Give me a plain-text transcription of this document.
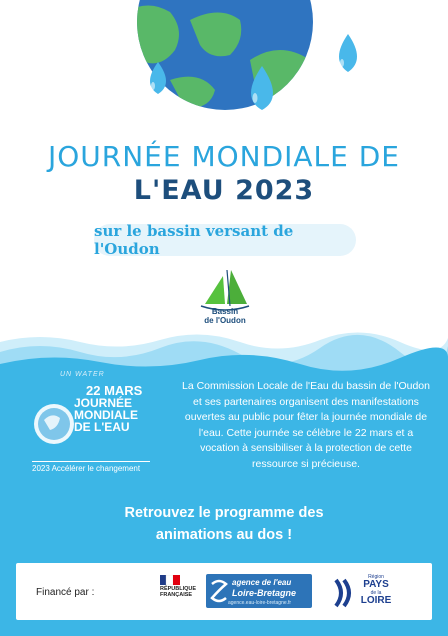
JOURNÉE MONDIALE DE
L'EAU 2023
sur le bassin versant de l'Oudon
Bassin
de l'Oudon
UN WATER
22 MARS
JOURNÉE
MONDIALE
DE L'EAU
2023 Accélérer le changement
La Commission Locale de l'Eau du bassin de l'Oudon et ses partenaires organisent des manifestations ouvertes au public pour fêter la journée mondiale de l'eau. Cette journée se célèbre le 22 mars et a vocation à sensibiliser à la protection de cette ressource si précieuse.
Retrouvez le programme des
animations au dos !
Financé par :	RÉPUBLIQUE
FRANÇAISE
agence de l'eau
Loire-Bretagne
agence.eau-loire-bretagne.fr
Région
PAYS
de la
LOIRE
